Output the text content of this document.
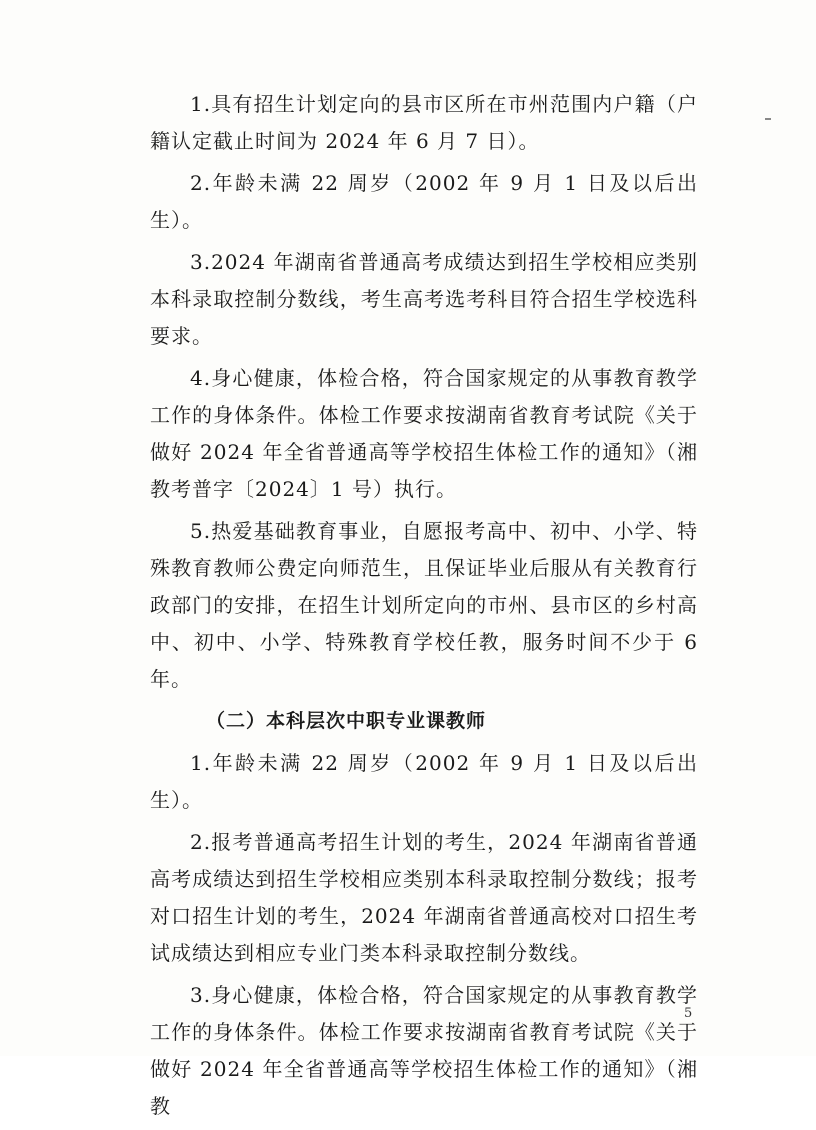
1.具有招生计划定向的县市区所在市州范围内户籍（户籍认定截止时间为 2024 年 6 月 7 日）。

2.年龄未满 22 周岁（2002 年 9 月 1 日及以后出生）。

3.2024 年湖南省普通高考成绩达到招生学校相应类别本科录取控制分数线，考生高考选考科目符合招生学校选科要求。

4.身心健康，体检合格，符合国家规定的从事教育教学工作的身体条件。体检工作要求按湖南省教育考试院《关于做好 2024 年全省普通高等学校招生体检工作的通知》（湘教考普字〔2024〕1 号）执行。

5.热爱基础教育事业，自愿报考高中、初中、小学、特殊教育教师公费定向师范生，且保证毕业后服从有关教育行政部门的安排，在招生计划所定向的市州、县市区的乡村高中、初中、小学、特殊教育学校任教，服务时间不少于 6 年。

（二）本科层次中职专业课教师

1.年龄未满 22 周岁（2002 年 9 月 1 日及以后出生）。

2.报考普通高考招生计划的考生，2024 年湖南省普通高考成绩达到招生学校相应类别本科录取控制分数线；报考对口招生计划的考生，2024 年湖南省普通高校对口招生考试成绩达到相应专业门类本科录取控制分数线。

3.身心健康，体检合格，符合国家规定的从事教育教学工作的身体条件。体检工作要求按湖南省教育考试院《关于做好 2024 年全省普通高等学校招生体检工作的通知》（湘教

5
